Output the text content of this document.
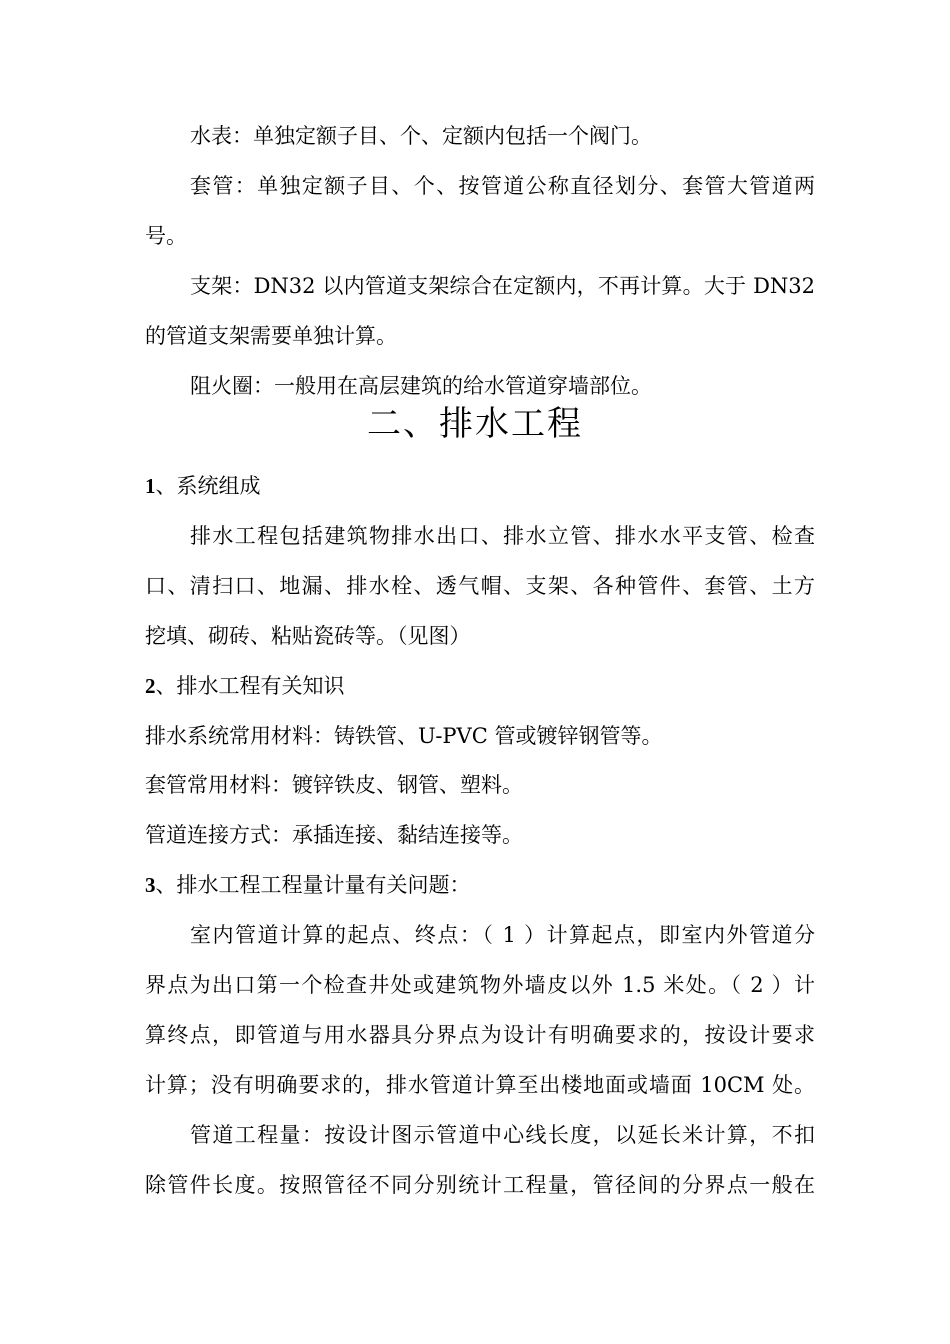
水表：单独定额子目、个、定额内包括一个阀门。
套管：单独定额子目、个、按管道公称直径划分、套管大管道两
号。
支架：DN32 以内管道支架综合在定额内，不再计算。大于 DN32
的管道支架需要单独计算。
阻火圈：一般用在高层建筑的给水管道穿墙部位。
二、排水工程
1、系统组成
排水工程包括建筑物排水出口、排水立管、排水水平支管、检查
口、清扫口、地漏、排水栓、透气帽、支架、各种管件、套管、土方
挖填、砌砖、粘贴瓷砖等。（见图）
2、排水工程有关知识
排水系统常用材料：铸铁管、U-PVC 管或镀锌钢管等。
套管常用材料：镀锌铁皮、钢管、塑料。
管道连接方式：承插连接、黏结连接等。
3、排水工程工程量计量有关问题：
室内管道计算的起点、终点：（ 1 ）计算起点，即室内外管道分
界点为出口第一个检查井处或建筑物外墙皮以外 1.5 米处。（ 2 ）计
算终点，即管道与用水器具分界点为设计有明确要求的，按设计要求
计算；没有明确要求的，排水管道计算至出楼地面或墙面 10CM 处。
管道工程量：按设计图示管道中心线长度，以延长米计算，不扣
除管件长度。按照管径不同分别统计工程量，管径间的分界点一般在
